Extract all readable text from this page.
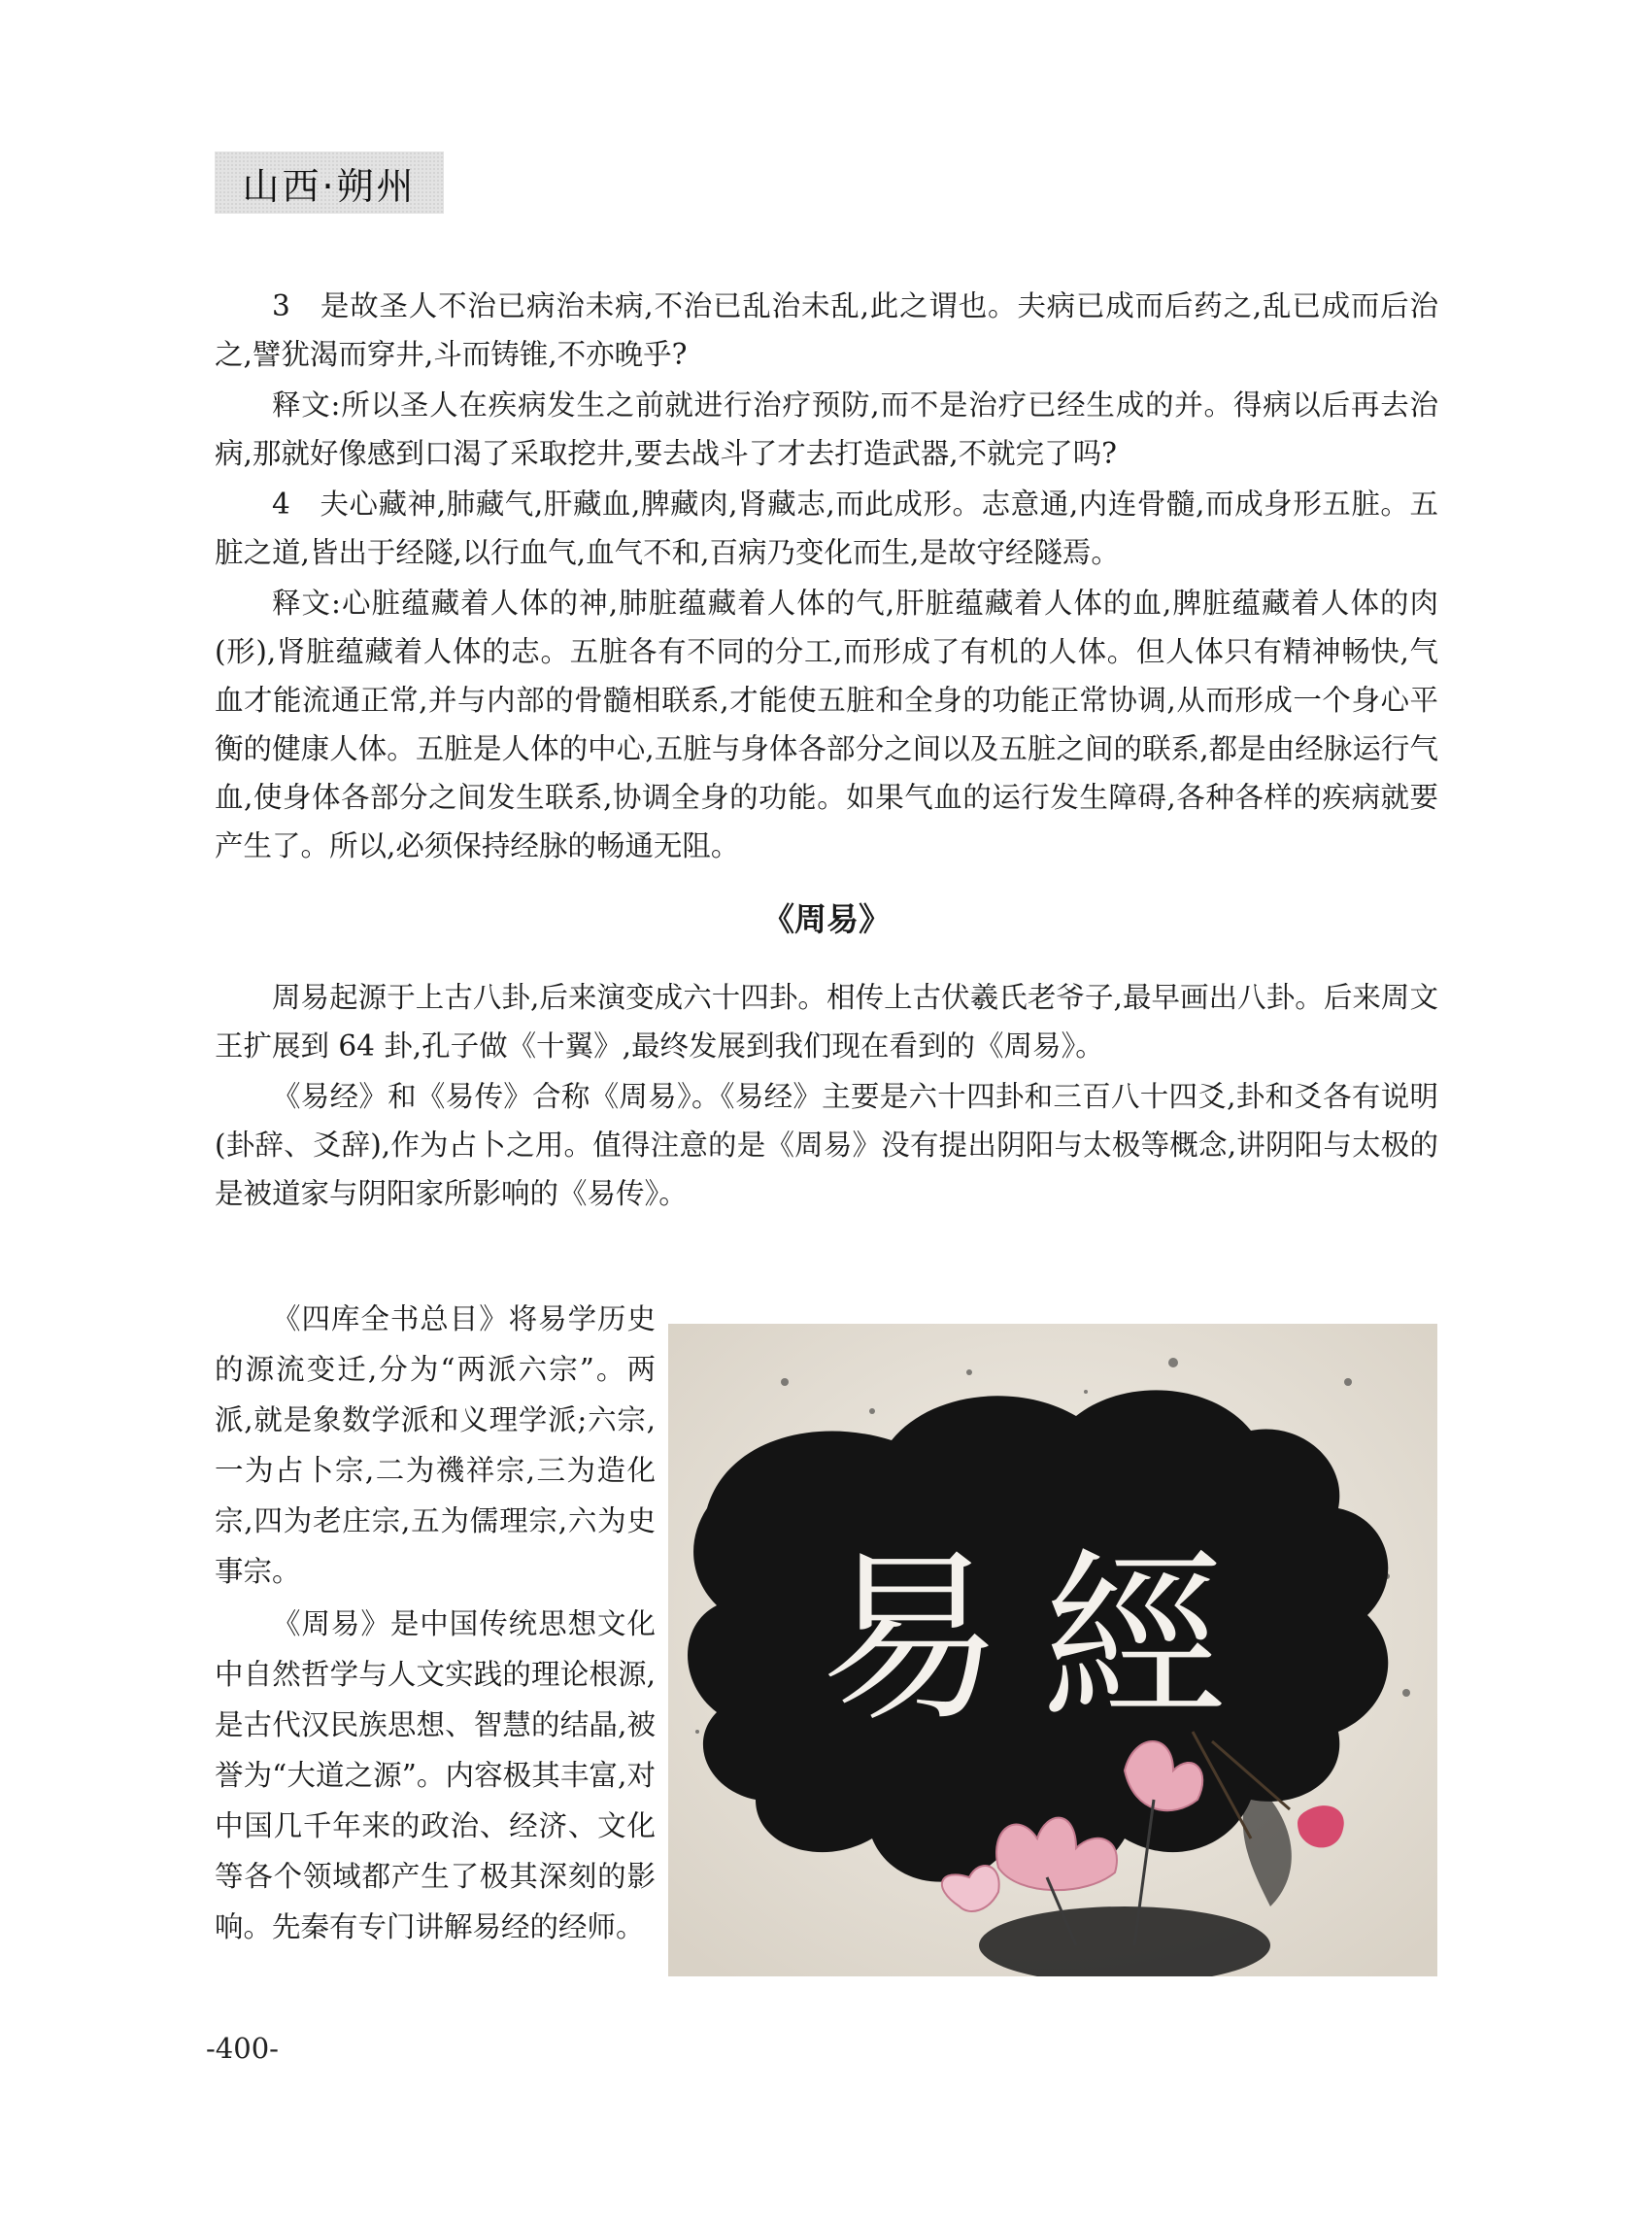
山西·朔州

3　是故圣人不治已病治未病,不治已乱治未乱,此之谓也。夫病已成而后药之,乱已成而后治之,譬犹渴而穿井,斗而铸锥,不亦晚乎?

释文:所以圣人在疾病发生之前就进行治疗预防,而不是治疗已经生成的并。得病以后再去治病,那就好像感到口渴了采取挖井,要去战斗了才去打造武器,不就完了吗?

4　夫心藏神,肺藏气,肝藏血,脾藏肉,肾藏志,而此成形。志意通,内连骨髓,而成身形五脏。五脏之道,皆出于经隧,以行血气,血气不和,百病乃变化而生,是故守经隧焉。

释文:心脏蕴藏着人体的神,肺脏蕴藏着人体的气,肝脏蕴藏着人体的血,脾脏蕴藏着人体的肉(形),肾脏蕴藏着人体的志。五脏各有不同的分工,而形成了有机的人体。但人体只有精神畅快,气血才能流通正常,并与内部的骨髓相联系,才能使五脏和全身的功能正常协调,从而形成一个身心平衡的健康人体。五脏是人体的中心,五脏与身体各部分之间以及五脏之间的联系,都是由经脉运行气血,使身体各部分之间发生联系,协调全身的功能。如果气血的运行发生障碍,各种各样的疾病就要产生了。所以,必须保持经脉的畅通无阻。

《周易》

周易起源于上古八卦,后来演变成六十四卦。相传上古伏羲氏老爷子,最早画出八卦。后来周文王扩展到 64 卦,孔子做《十翼》,最终发展到我们现在看到的《周易》。

《易经》和《易传》合称《周易》。《易经》主要是六十四卦和三百八十四爻,卦和爻各有说明(卦辞、爻辞),作为占卜之用。值得注意的是《周易》没有提出阴阳与太极等概念,讲阴阳与太极的是被道家与阴阳家所影响的《易传》。

《四库全书总目》将易学历史的源流变迁,分为“两派六宗”。两派,就是象数学派和义理学派;六宗,一为占卜宗,二为禨祥宗,三为造化宗,四为老庄宗,五为儒理宗,六为史事宗。

《周易》是中国传统思想文化中自然哲学与人文实践的理论根源,是古代汉民族思想、智慧的结晶,被誉为“大道之源”。内容极其丰富,对中国几千年来的政治、经济、文化等各个领域都产生了极其深刻的影响。先秦有专门讲解易经的经师。

易經
-400-
